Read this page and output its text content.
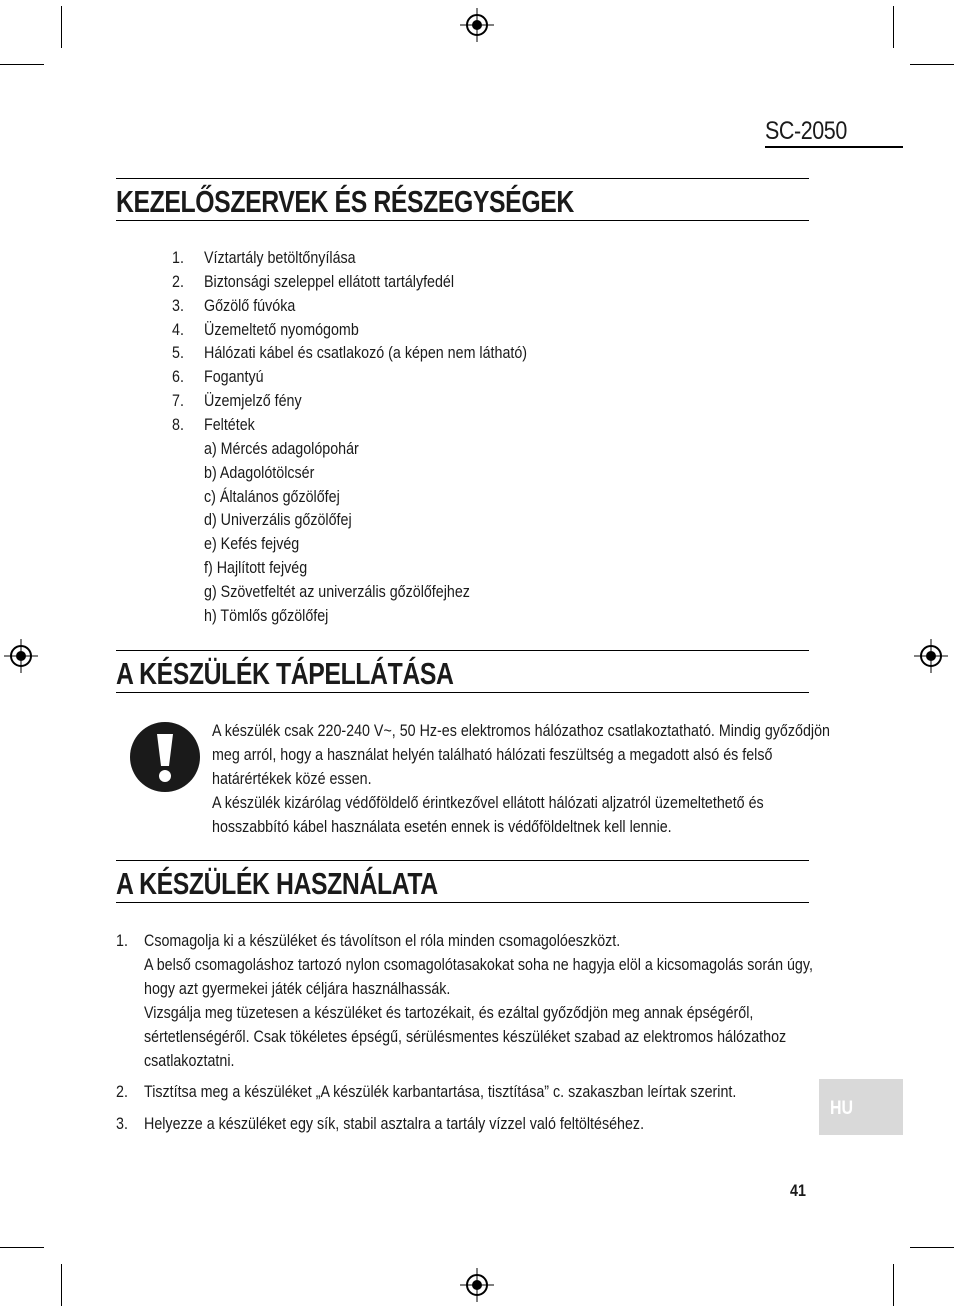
SC-2050
KEZELŐSZERVEK ÉS RÉSZEGYSÉGEK
1. Víztartály betöltőnyílása
2. Biztonsági szeleppel ellátott tartályfedél
3. Gőzölő fúvóka
4. Üzemeltető nyomógomb
5. Hálózati kábel és csatlakozó (a képen nem látható)
6. Fogantyú
7. Üzemjelző fény
8. Feltétek
a) Mércés adagolópohár
b) Adagolótölcsér
c) Általános gőzölőfej
d) Univerzális gőzölőfej
e) Kefés fejvég
f) Hajlított fejvég
g) Szövetfeltét az univerzális gőzölőfejhez
h) Tömlős gőzölőfej
A KÉSZÜLÉK TÁPELLÁTÁSA
A készülék csak 220-240 V~, 50 Hz-es elektromos hálózathoz csatlakoztatható. Mindig győződjön
meg arról, hogy a használat helyén található hálózati feszültség a megadott alsó és felső
határértékek közé essen.
A készülék kizárólag védőföldelő érintkezővel ellátott hálózati aljzatról üzemeltethető és
hosszabbító kábel használata esetén ennek is védőföldeltnek kell lennie.
A KÉSZÜLÉK HASZNÁLATA
1. Csomagolja ki a készüléket és távolítson el róla minden csomagolóeszközt.
A belső csomagoláshoz tartozó nylon csomagolótasakokat soha ne hagyja elöl a kicsomagolás során úgy,
hogy azt gyermekei játék céljára használhassák.
Vizsgálja meg tüzetesen a készüléket és tartozékait, és ezáltal győződjön meg annak épségéről,
sértetlenségéről. Csak tökéletes épségű, sérülésmentes készüléket szabad az elektromos hálózathoz
csatlakoztatni.
2. Tisztítsa meg a készüléket „A készülék karbantartása, tisztítása” c. szakaszban leírtak szerint.
3. Helyezze a készüléket egy sík, stabil asztalra a tartály vízzel való feltöltéséhez.
HU
41
